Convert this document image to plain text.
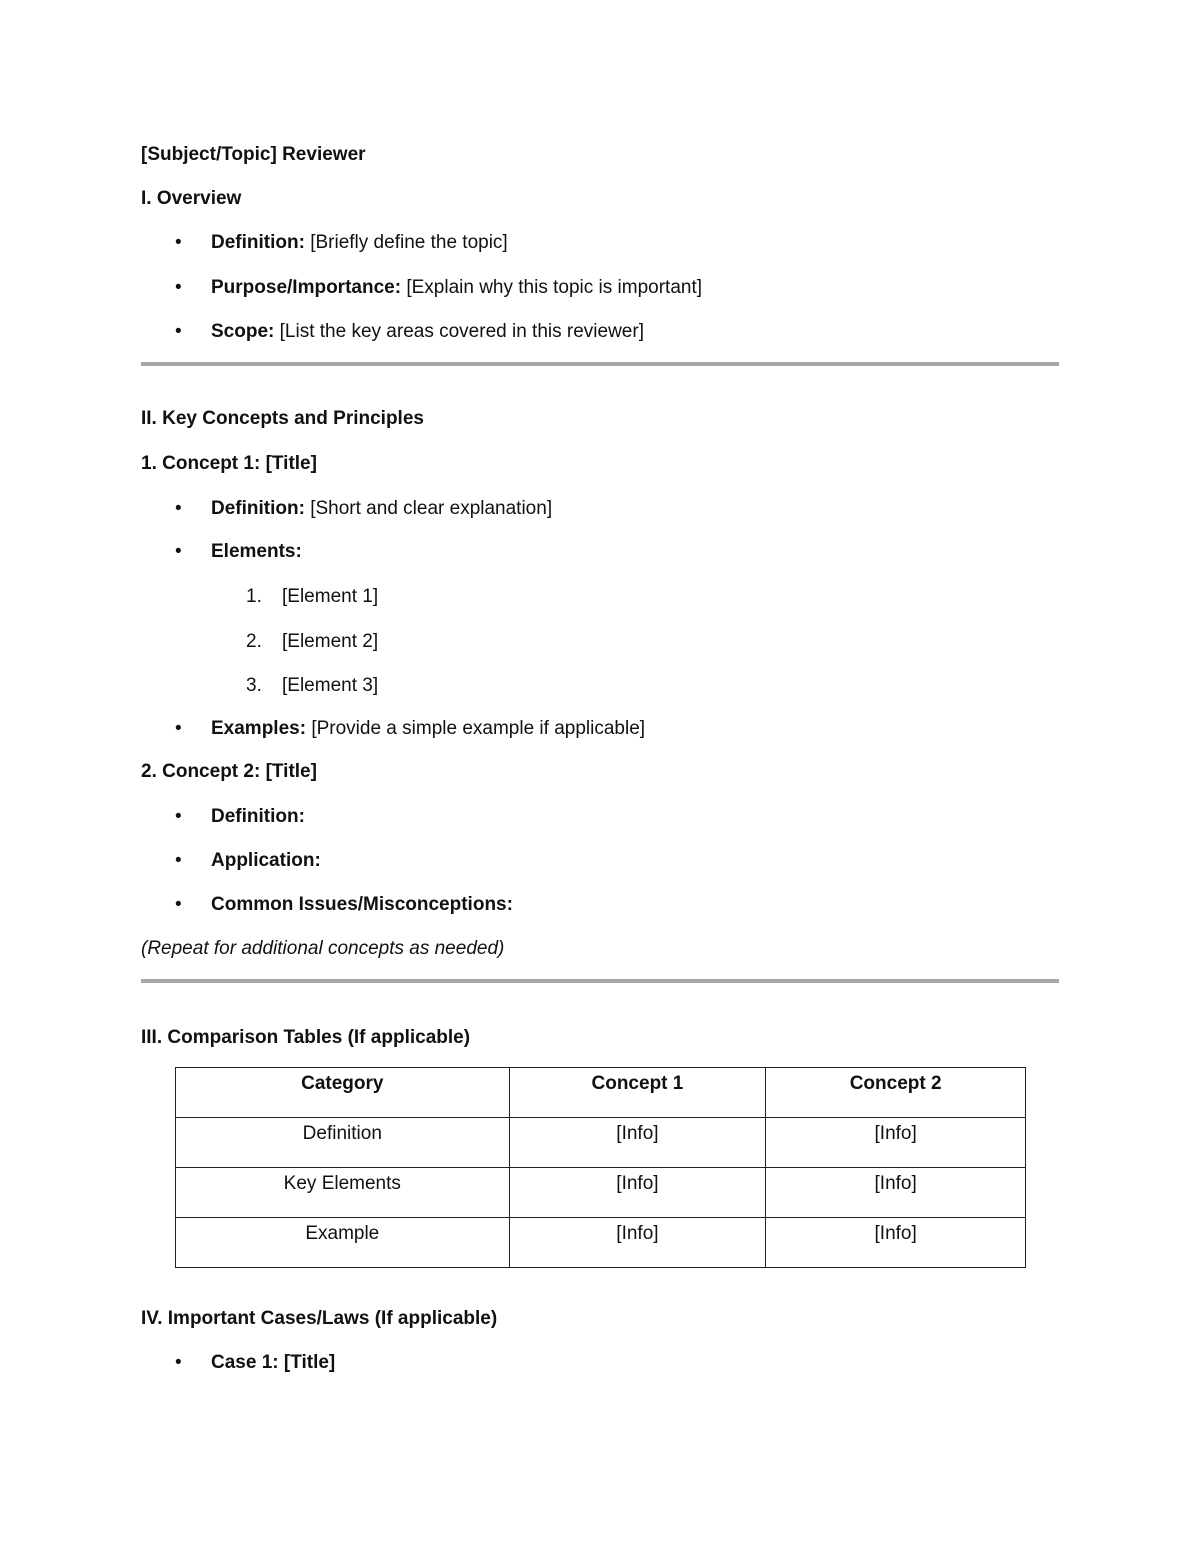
[Subject/Topic] Reviewer
I. Overview
• Definition: [Briefly define the topic]
• Purpose/Importance: [Explain why this topic is important]
• Scope: [List the key areas covered in this reviewer]
II. Key Concepts and Principles
1. Concept 1: [Title]
• Definition: [Short and clear explanation]
• Elements:
1. [Element 1]
2. [Element 2]
3. [Element 3]
• Examples: [Provide a simple example if applicable]
2. Concept 2: [Title]
• Definition:
• Application:
• Common Issues/Misconceptions:
(Repeat for additional concepts as needed)
III. Comparison Tables (If applicable)
Category	Concept 1	Concept 2
Definition	[Info]	[Info]
Key Elements	[Info]	[Info]
Example	[Info]	[Info]
IV. Important Cases/Laws (If applicable)
• Case 1: [Title]
